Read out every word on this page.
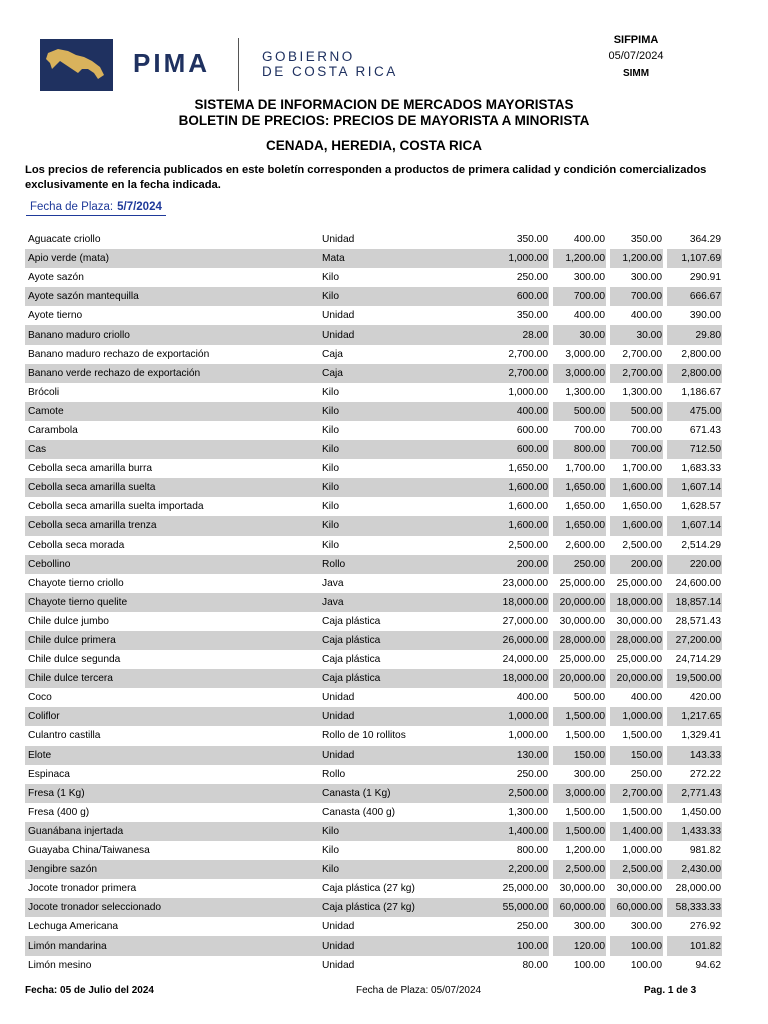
PIMA	GOBIERNO
DE COSTA RICA
SIFPIMA
05/07/2024
SIMM
SISTEMA DE INFORMACION DE MERCADOS MAYORISTAS
BOLETIN DE PRECIOS: PRECIOS DE MAYORISTA A MINORISTA
CENADA, HEREDIA, COSTA RICA
Los precios de referencia publicados en este boletín corresponden a productos de primera calidad y condición comercializados exclusivamente en la fecha indicada.
Fecha de Plaza: 5/7/2024
Aguacate criollo	Unidad	350.00		400.00		350.00		364.29
Apio verde (mata)	Mata	1,000.00		1,200.00		1,200.00		1,107.69
Ayote sazón	Kilo	250.00		300.00		300.00		290.91
Ayote sazón mantequilla	Kilo	600.00		700.00		700.00		666.67
Ayote tierno	Unidad	350.00		400.00		400.00		390.00
Banano maduro criollo	Unidad	28.00		30.00		30.00		29.80
Banano maduro rechazo de exportación	Caja	2,700.00		3,000.00		2,700.00		2,800.00
Banano verde rechazo de exportación	Caja	2,700.00		3,000.00		2,700.00		2,800.00
Brócoli	Kilo	1,000.00		1,300.00		1,300.00		1,186.67
Camote	Kilo	400.00		500.00		500.00		475.00
Carambola	Kilo	600.00		700.00		700.00		671.43
Cas	Kilo	600.00		800.00		700.00		712.50
Cebolla seca amarilla burra	Kilo	1,650.00		1,700.00		1,700.00		1,683.33
Cebolla seca amarilla suelta	Kilo	1,600.00		1,650.00		1,600.00		1,607.14
Cebolla seca amarilla suelta importada	Kilo	1,600.00		1,650.00		1,650.00		1,628.57
Cebolla seca amarilla trenza	Kilo	1,600.00		1,650.00		1,600.00		1,607.14
Cebolla seca morada	Kilo	2,500.00		2,600.00		2,500.00		2,514.29
Cebollino	Rollo	200.00		250.00		200.00		220.00
Chayote tierno criollo	Java	23,000.00		25,000.00		25,000.00		24,600.00
Chayote tierno quelite	Java	18,000.00		20,000.00		18,000.00		18,857.14
Chile dulce jumbo	Caja plástica	27,000.00		30,000.00		30,000.00		28,571.43
Chile dulce primera	Caja plástica	26,000.00		28,000.00		28,000.00		27,200.00
Chile dulce segunda	Caja plástica	24,000.00		25,000.00		25,000.00		24,714.29
Chile dulce tercera	Caja plástica	18,000.00		20,000.00		20,000.00		19,500.00
Coco	Unidad	400.00		500.00		400.00		420.00
Coliflor	Unidad	1,000.00		1,500.00		1,000.00		1,217.65
Culantro castilla	Rollo de 10 rollitos	1,000.00		1,500.00		1,500.00		1,329.41
Elote	Unidad	130.00		150.00		150.00		143.33
Espinaca	Rollo	250.00		300.00		250.00		272.22
Fresa (1 Kg)	Canasta (1 Kg)	2,500.00		3,000.00		2,700.00		2,771.43
Fresa (400 g)	Canasta (400 g)	1,300.00		1,500.00		1,500.00		1,450.00
Guanábana injertada	Kilo	1,400.00		1,500.00		1,400.00		1,433.33
Guayaba China/Taiwanesa	Kilo	800.00		1,200.00		1,000.00		981.82
Jengibre sazón	Kilo	2,200.00		2,500.00		2,500.00		2,430.00
Jocote tronador primera	Caja plástica (27 kg)	25,000.00		30,000.00		30,000.00		28,000.00
Jocote tronador seleccionado	Caja plástica (27 kg)	55,000.00		60,000.00		60,000.00		58,333.33
Lechuga Americana	Unidad	250.00		300.00		300.00		276.92
Limón mandarina	Unidad	100.00		120.00		100.00		101.82
Limón mesino	Unidad	80.00		100.00		100.00		94.62
Fecha: 05 de Julio del 2024	Fecha de Plaza: 05/07/2024	Pag. 1 de 3
